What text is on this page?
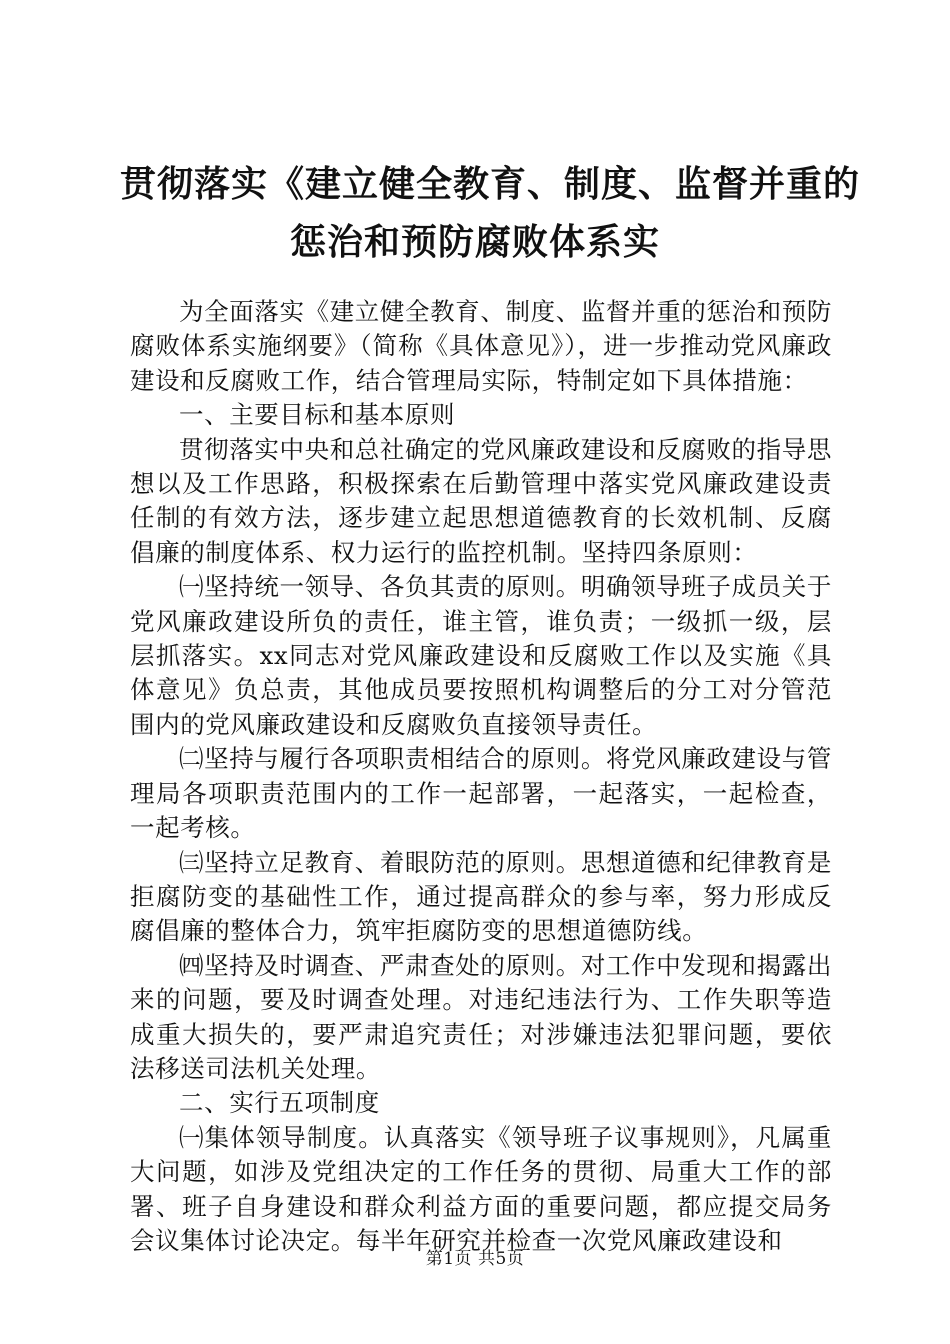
贯彻落实《建立健全教育、制度、监督并重的
惩治和预防腐败体系实

为全面落实《建立健全教育、制度、监督并重的惩治和预防腐败体系实施纲要》（简称《具体意见》），进一步推动党风廉政建设和反腐败工作，结合管理局实际，特制定如下具体措施：

一、主要目标和基本原则

贯彻落实中央和总社确定的党风廉政建设和反腐败的指导思想以及工作思路，积极探索在后勤管理中落实党风廉政建设责任制的有效方法，逐步建立起思想道德教育的长效机制、反腐倡廉的制度体系、权力运行的监控机制。坚持四条原则：

㈠坚持统一领导、各负其责的原则。明确领导班子成员关于党风廉政建设所负的责任，谁主管，谁负责；一级抓一级，层层抓落实。xx同志对党风廉政建设和反腐败工作以及实施《具体意见》负总责，其他成员要按照机构调整后的分工对分管范围内的党风廉政建设和反腐败负直接领导责任。

㈡坚持与履行各项职责相结合的原则。将党风廉政建设与管理局各项职责范围内的工作一起部署，一起落实，一起检查，一起考核。

㈢坚持立足教育、着眼防范的原则。思想道德和纪律教育是拒腐防变的基础性工作，通过提高群众的参与率，努力形成反腐倡廉的整体合力，筑牢拒腐防变的思想道德防线。

㈣坚持及时调查、严肃查处的原则。对工作中发现和揭露出来的问题，要及时调查处理。对违纪违法行为、工作失职等造成重大损失的，要严肃追究责任；对涉嫌违法犯罪问题，要依法移送司法机关处理。

二、实行五项制度

㈠集体领导制度。认真落实《领导班子议事规则》，凡属重大问题，如涉及党组决定的工作任务的贯彻、局重大工作的部署、班子自身建设和群众利益方面的重要问题，都应提交局务会议集体讨论决定。每半年研究并检查一次党风廉政建设和

第1页 共5页
